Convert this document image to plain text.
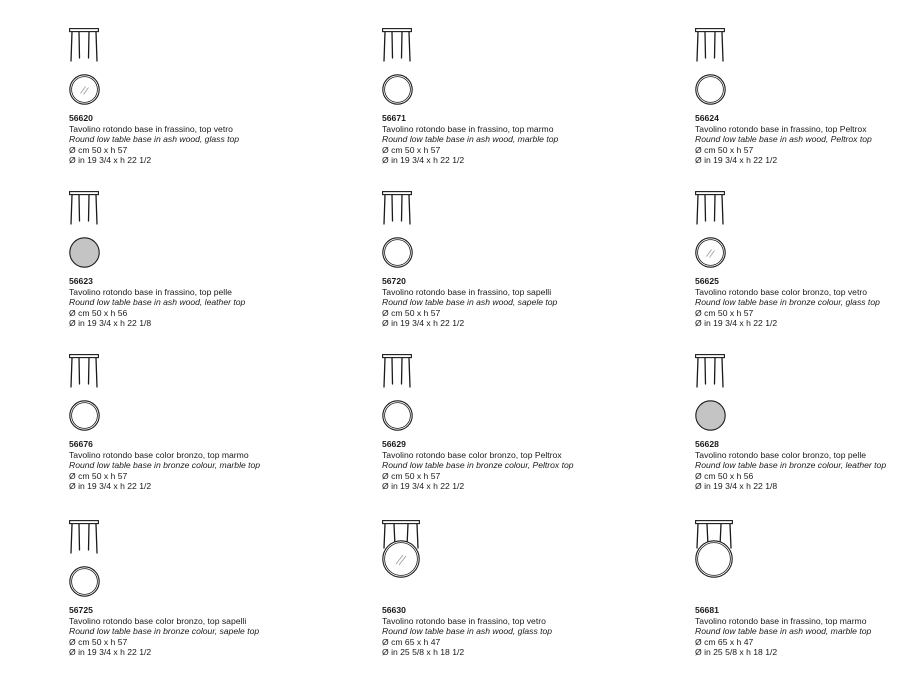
56620
Tavolino rotondo base in frassino, top vetro
Round low table base in ash wood, glass top
Ø cm 50 x h 57
Ø in 19 3/4 x h 22 1/2
56671
Tavolino rotondo base in frassino, top marmo
Round low table base in ash wood, marble top
Ø cm 50 x h 57
Ø in 19 3/4 x h 22 1/2
56624
Tavolino rotondo base in frassino, top Peltrox
Round low table base in ash wood, Peltrox top
Ø cm 50 x h 57
Ø in 19 3/4 x h 22 1/2
56623
Tavolino rotondo base in frassino, top pelle
Round low table base in ash wood, leather top
Ø cm 50 x h 56
Ø in 19 3/4 x h 22 1/8
56720
Tavolino rotondo base in frassino, top sapelli
Round low table base in ash wood, sapele top
Ø cm 50 x h 57
Ø in 19 3/4 x h 22 1/2
56625
Tavolino rotondo base color bronzo, top vetro
Round low table base in bronze colour, glass top
Ø cm 50 x h 57
Ø in 19 3/4 x h 22 1/2
56676
Tavolino rotondo base color bronzo, top marmo
Round low table base in bronze colour, marble top
Ø cm 50 x h 57
Ø in 19 3/4 x h 22 1/2
56629
Tavolino rotondo base color bronzo, top Peltrox
Round low table base in bronze colour, Peltrox top
Ø cm 50 x h 57
Ø in 19 3/4 x h 22 1/2
56628
Tavolino rotondo base color bronzo, top pelle
Round low table base in bronze colour, leather top
Ø cm 50 x h 56
Ø in 19 3/4 x h 22 1/8
56725
Tavolino rotondo base color bronzo, top sapelli
Round low table base in bronze colour, sapele top
Ø cm 50 x h 57
Ø in 19 3/4 x h 22 1/2
56630
Tavolino rotondo base in frassino, top vetro
Round low table base in ash wood, glass top
Ø cm 65 x h 47
Ø in 25 5/8 x h 18 1/2
56681
Tavolino rotondo base in frassino, top marmo
Round low table base in ash wood, marble top
Ø cm 65 x h 47
Ø in 25 5/8 x h 18 1/2
